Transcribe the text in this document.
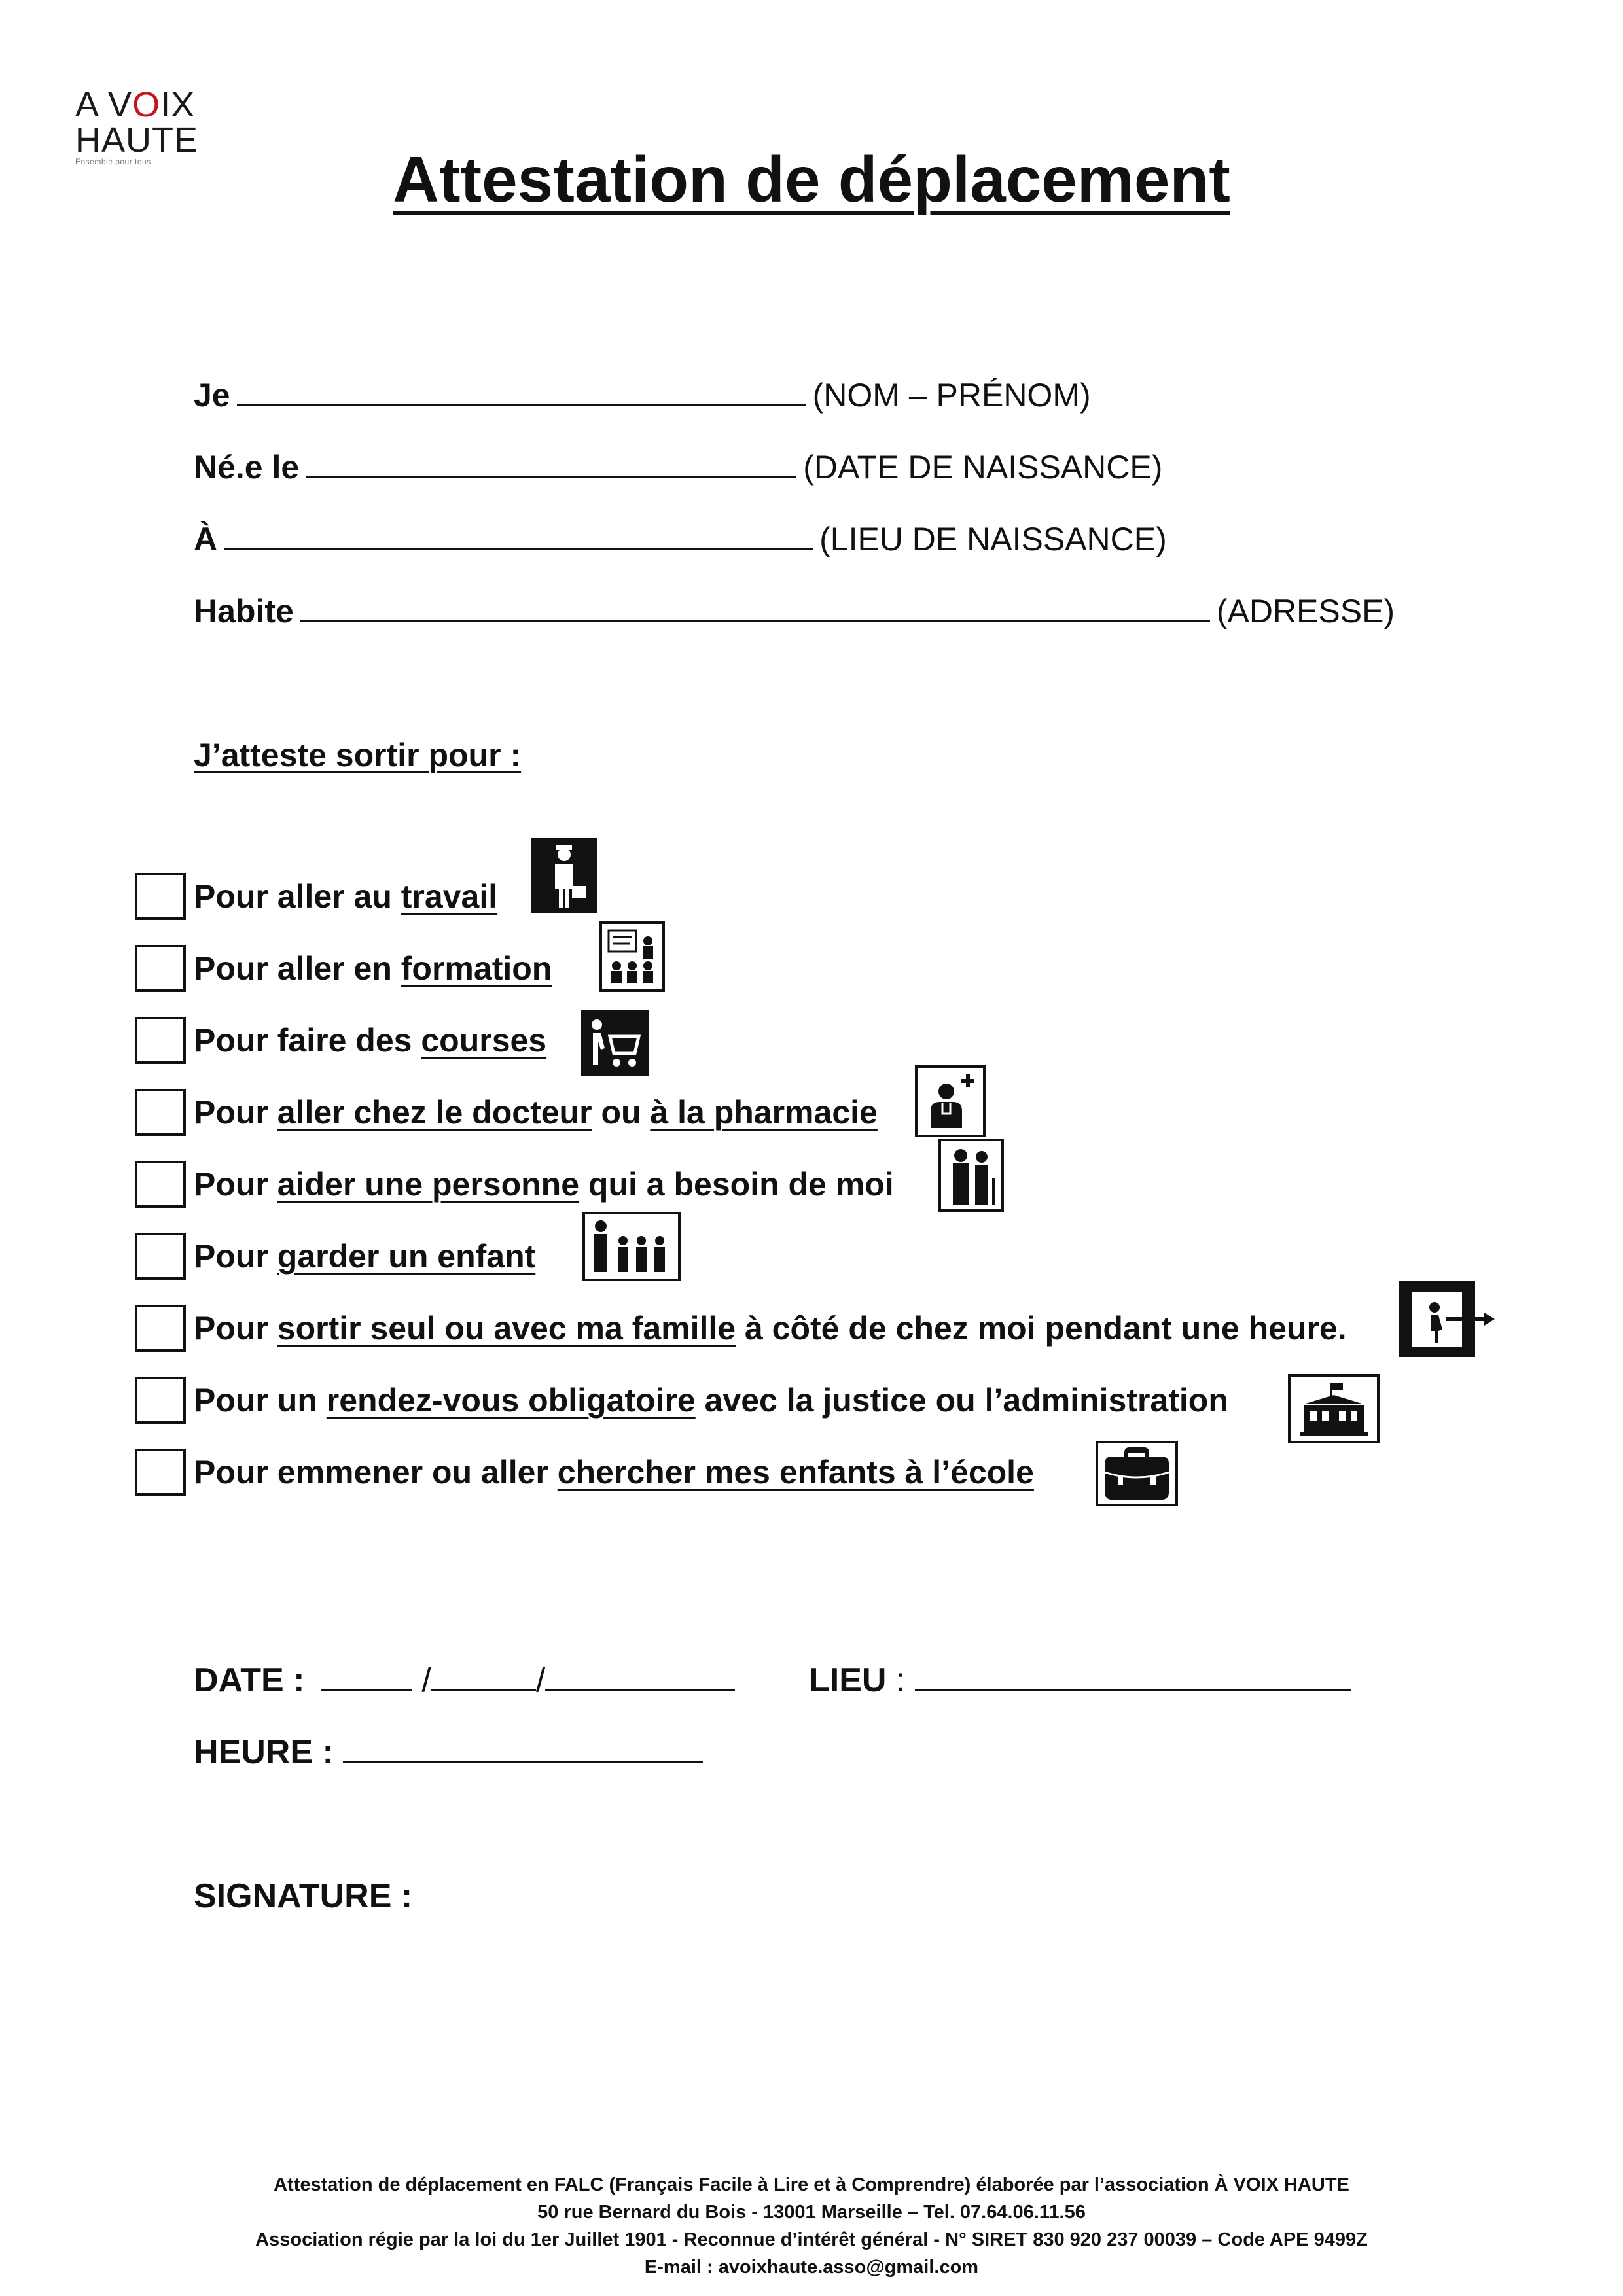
A VOIX
HAUTE
Ensemble pour tous	Attestation de déplacement
Je	(NOM – PRÉNOM)
Né.e le	(DATE DE NAISSANCE)
À	(LIEU DE NAISSANCE)
Habite	(ADRESSE)
J’atteste sortir pour :
Pour aller au travail
Pour aller en formation
Pour faire des courses
Pour aller chez le docteur ou à la pharmacie
Pour aider une personne qui a besoin de moi
Pour garder un enfant
Pour sortir seul ou avec ma famille à côté de chez moi pendant une heure.
Pour un rendez-vous obligatoire avec la justice ou l’administration
Pour emmener ou aller chercher mes enfants à l’école
DATE :	/	/	LIEU :
HEURE :
SIGNATURE :
Attestation de déplacement en FALC (Français Facile à Lire et à Comprendre) élaborée par l’association À VOIX HAUTE
50 rue Bernard du Bois - 13001 Marseille – Tel. 07.64.06.11.56
Association régie par la loi du 1er Juillet 1901 - Reconnue d’intérêt général - N° SIRET 830 920 237 00039 – Code APE 9499Z
E-mail : avoixhaute.asso@gmail.com
